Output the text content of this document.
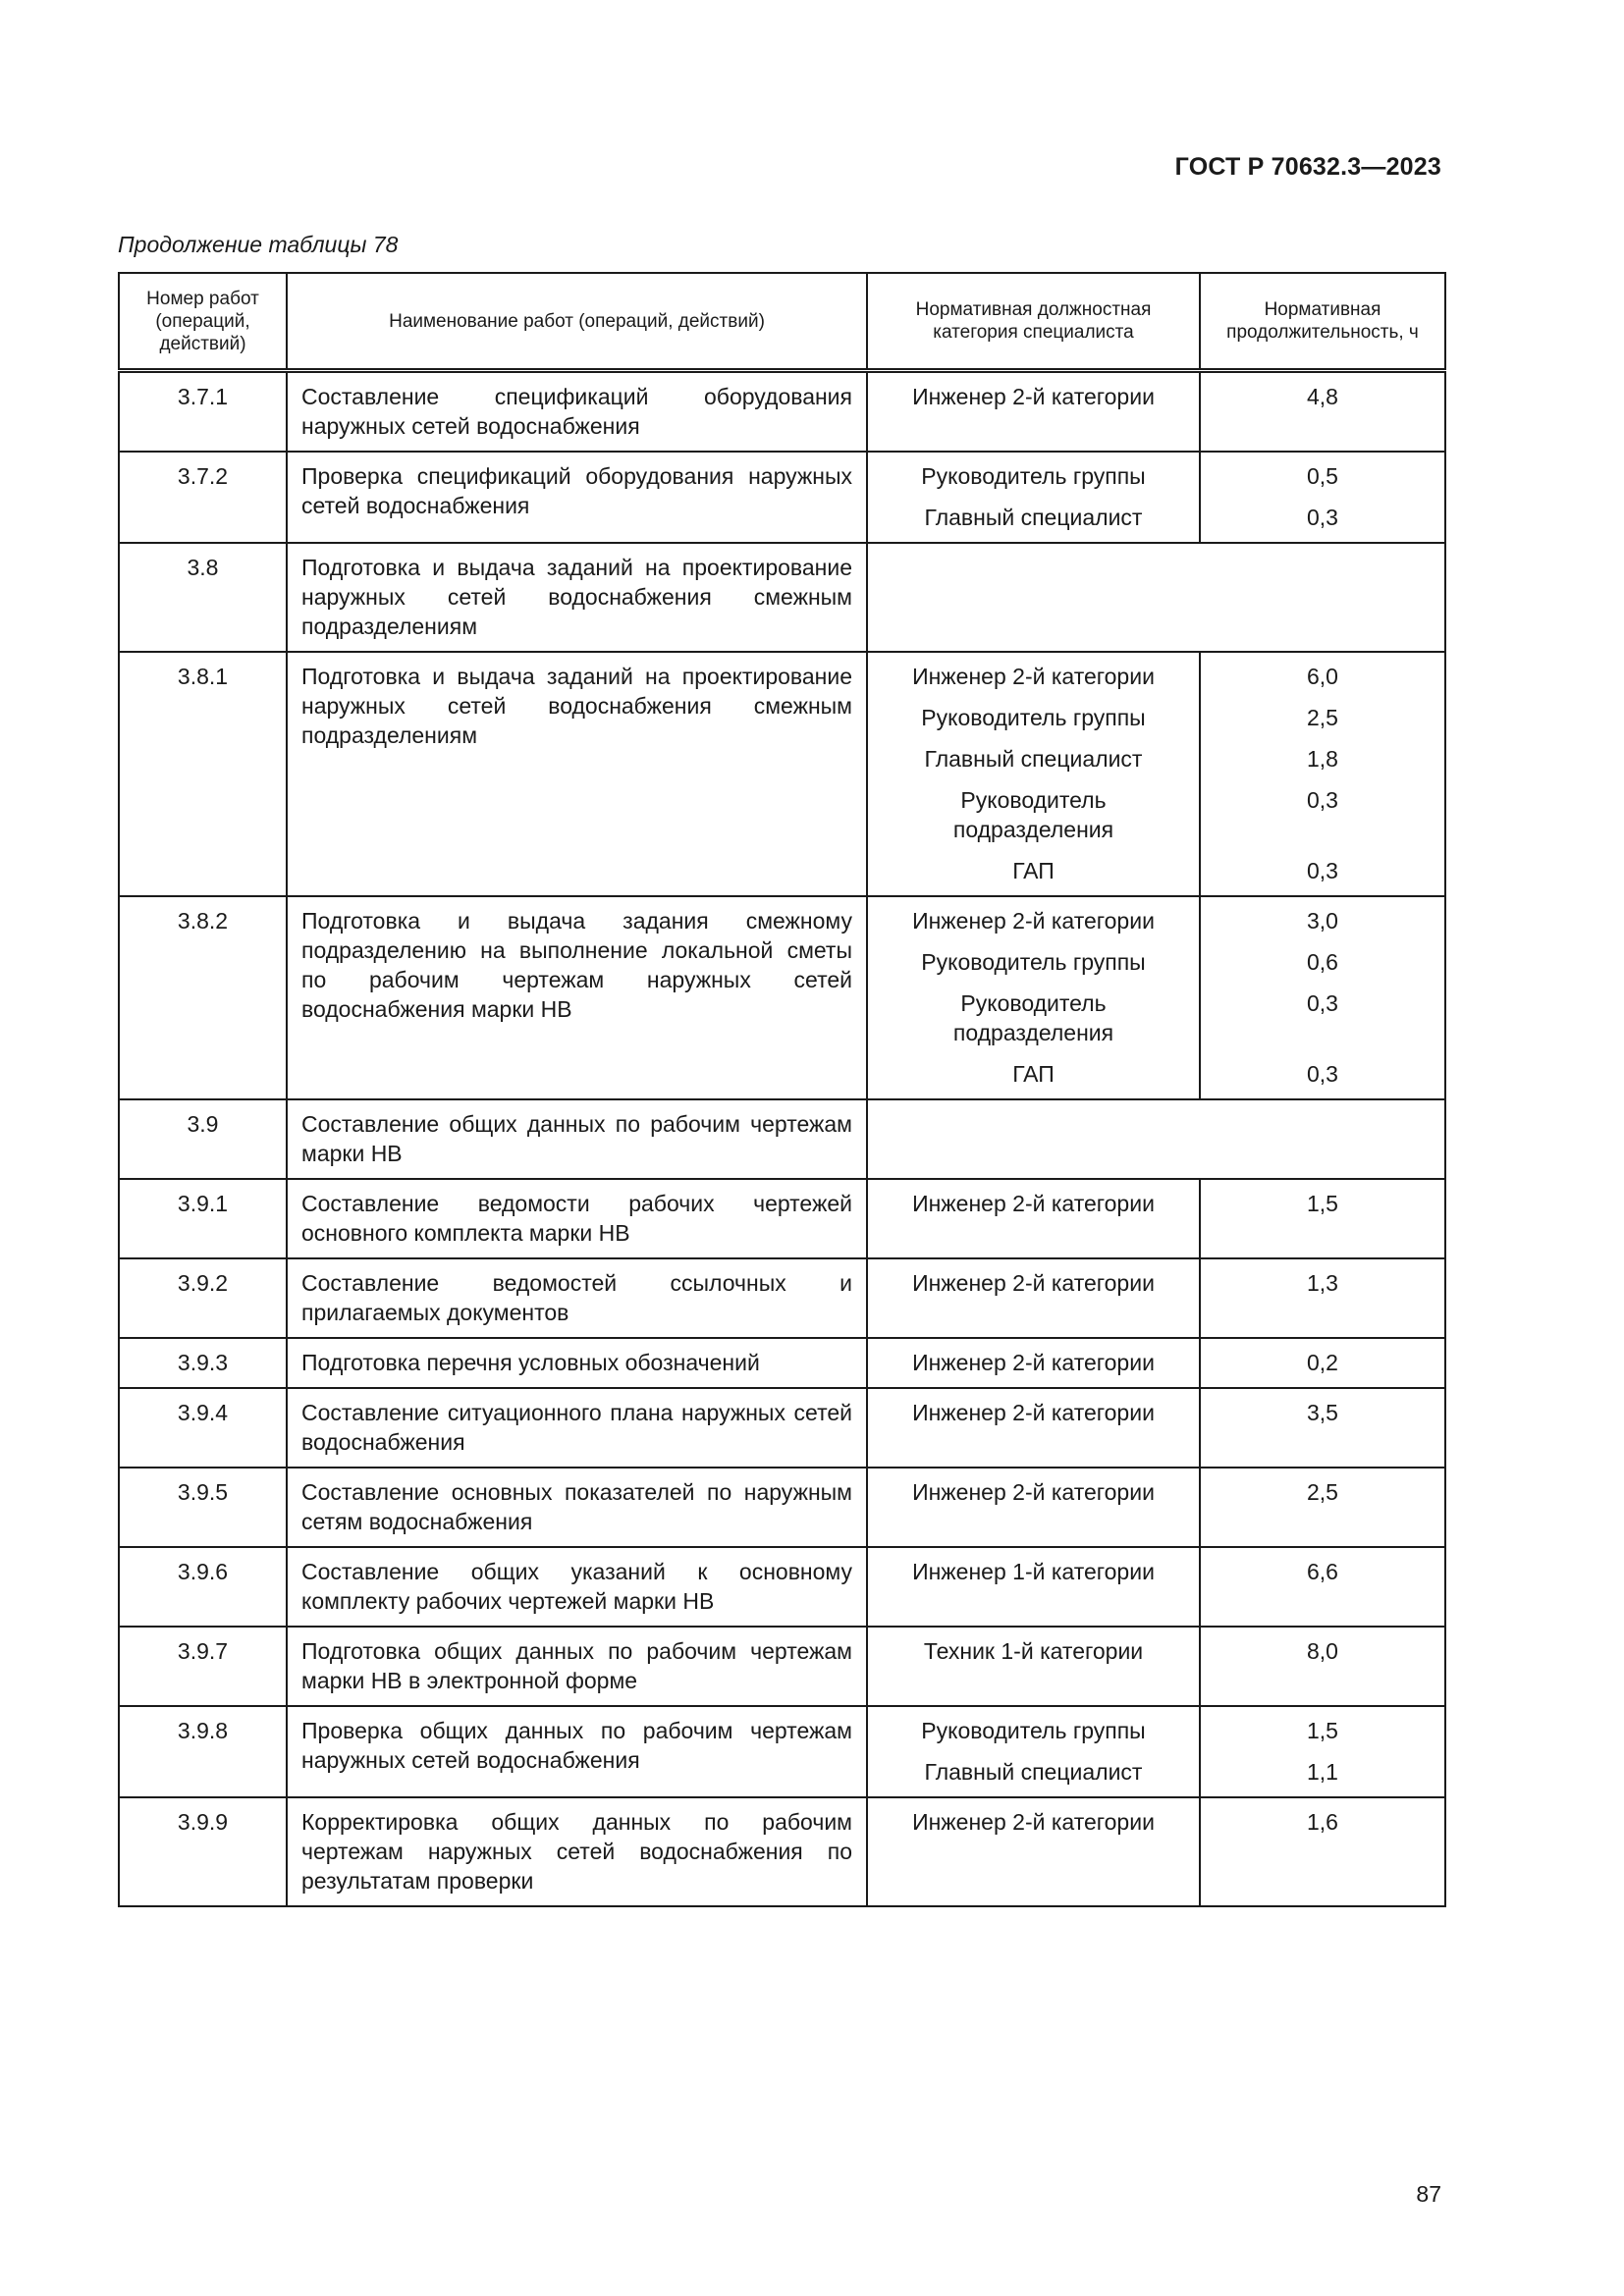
ГОСТ Р 70632.3—2023
Продолжение таблицы 78
Номер работ (операций, действий)	Наименование работ (операций, действий)	Нормативная должностная категория специалиста	Нормативная продолжительность, ч
3.7.1	Составление спецификаций оборудования наружных сетей водоснабжения	Инженер 2-й категории	4,8
3.7.2	Проверка спецификаций оборудования наружных сетей водоснабжения	Руководитель группы	0,5
		Главный специалист	0,3
3.8	Подготовка и выдача заданий на проектирование наружных сетей водоснабжения смежным подразделениям		
3.8.1	Подготовка и выдача заданий на проектирование наружных сетей водоснабжения смежным подразделениям	Инженер 2-й категории	6,0
		Руководитель группы	2,5
		Главный специалист	1,8
		Руководитель подразделения	0,3
		ГАП	0,3
3.8.2	Подготовка и выдача задания смежному подразделению на выполнение локальной сметы по рабочим чертежам наружных сетей водоснабжения марки НВ	Инженер 2-й категории	3,0
		Руководитель группы	0,6
		Руководитель подразделения	0,3
		ГАП	0,3
3.9	Составление общих данных по рабочим чертежам марки НВ		
3.9.1	Составление ведомости рабочих чертежей основного комплекта марки НВ	Инженер 2-й категории	1,5
3.9.2	Составление ведомостей ссылочных и прилагаемых документов	Инженер 2-й категории	1,3
3.9.3	Подготовка перечня условных обозначений	Инженер 2-й категории	0,2
3.9.4	Составление ситуационного плана наружных сетей водоснабжения	Инженер 2-й категории	3,5
3.9.5	Составление основных показателей по наружным сетям водоснабжения	Инженер 2-й категории	2,5
3.9.6	Составление общих указаний к основному комплекту рабочих чертежей марки НВ	Инженер 1-й категории	6,6
3.9.7	Подготовка общих данных по рабочим чертежам марки НВ в электронной форме	Техник 1-й категории	8,0
3.9.8	Проверка общих данных по рабочим чертежам наружных сетей водоснабжения	Руководитель группы	1,5
		Главный специалист	1,1
3.9.9	Корректировка общих данных по рабочим чертежам наружных сетей водоснабжения по результатам проверки	Инженер 2-й категории	1,6
87
